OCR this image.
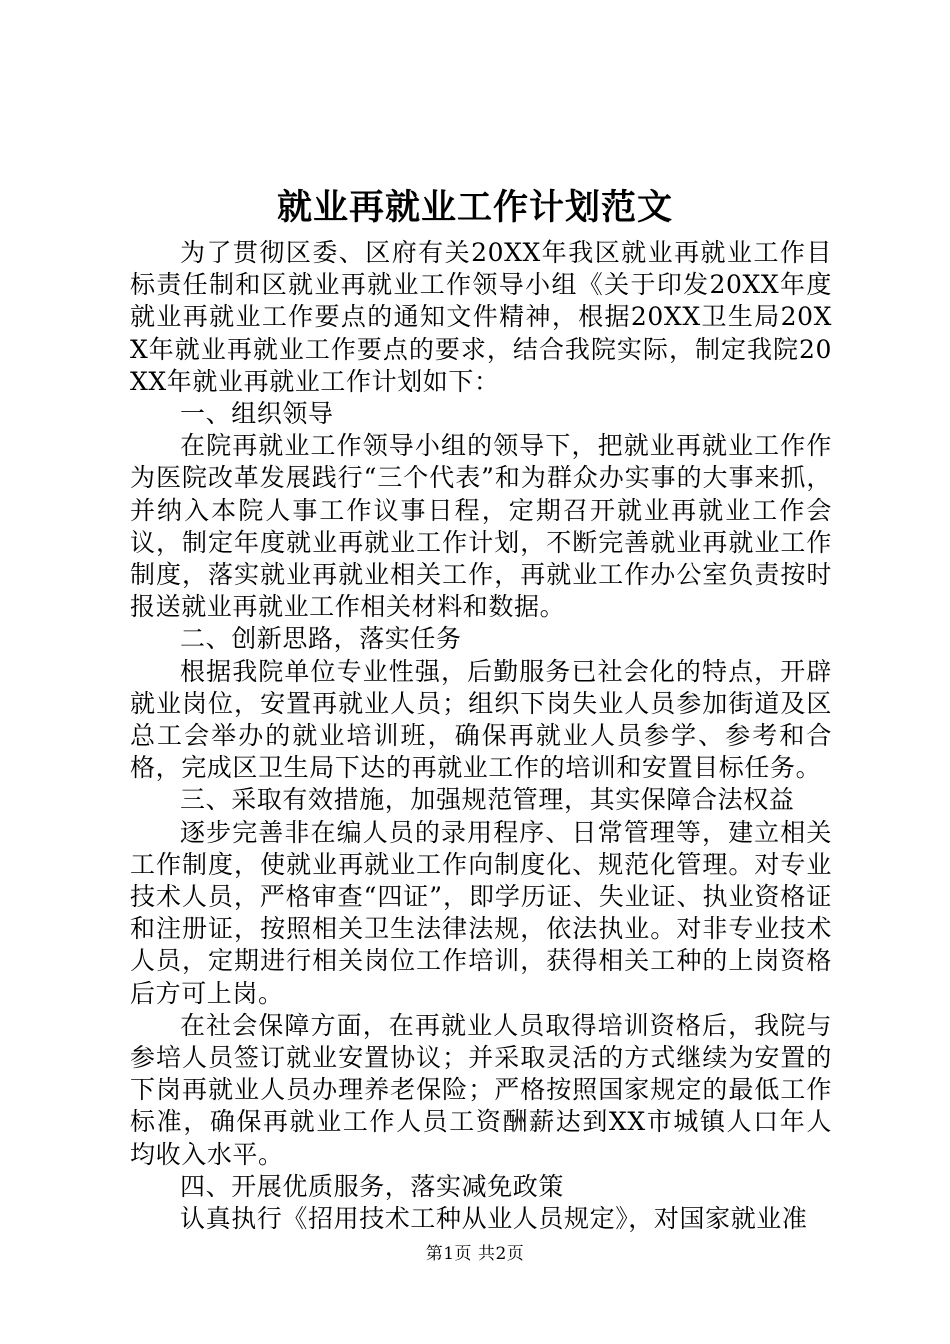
就业再就业工作计划范文

为了贯彻区委、区府有关20XX年我区就业再就业工作目标责任制和区就业再就业工作领导小组《关于印发20XX年度就业再就业工作要点的通知文件精神，根据20XX卫生局20XX年就业再就业工作要点的要求，结合我院实际，制定我院20XX年就业再就业工作计划如下：

一、组织领导

在院再就业工作领导小组的领导下，把就业再就业工作作为医院改革发展践行“三个代表”和为群众办实事的大事来抓，并纳入本院人事工作议事日程，定期召开就业再就业工作会议，制定年度就业再就业工作计划，不断完善就业再就业工作制度，落实就业再就业相关工作，再就业工作办公室负责按时报送就业再就业工作相关材料和数据。

二、创新思路，落实任务

根据我院单位专业性强，后勤服务已社会化的特点，开辟就业岗位，安置再就业人员；组织下岗失业人员参加街道及区总工会举办的就业培训班，确保再就业人员参学、参考和合格，完成区卫生局下达的再就业工作的培训和安置目标任务。

三、采取有效措施，加强规范管理，其实保障合法权益

逐步完善非在编人员的录用程序、日常管理等，建立相关工作制度，使就业再就业工作向制度化、规范化管理。对专业技术人员，严格审查“四证”，即学历证、失业证、执业资格证和注册证，按照相关卫生法律法规，依法执业。对非专业技术人员，定期进行相关岗位工作培训，获得相关工种的上岗资格后方可上岗。

在社会保障方面，在再就业人员取得培训资格后，我院与参培人员签订就业安置协议；并采取灵活的方式继续为安置的下岗再就业人员办理养老保险；严格按照国家规定的最低工作标准，确保再就业工作人员工资酬薪达到XX市城镇人口年人均收入水平。

四、开展优质服务，落实减免政策

认真执行《招用技术工种从业人员规定》，对国家就业准

第1页 共2页
